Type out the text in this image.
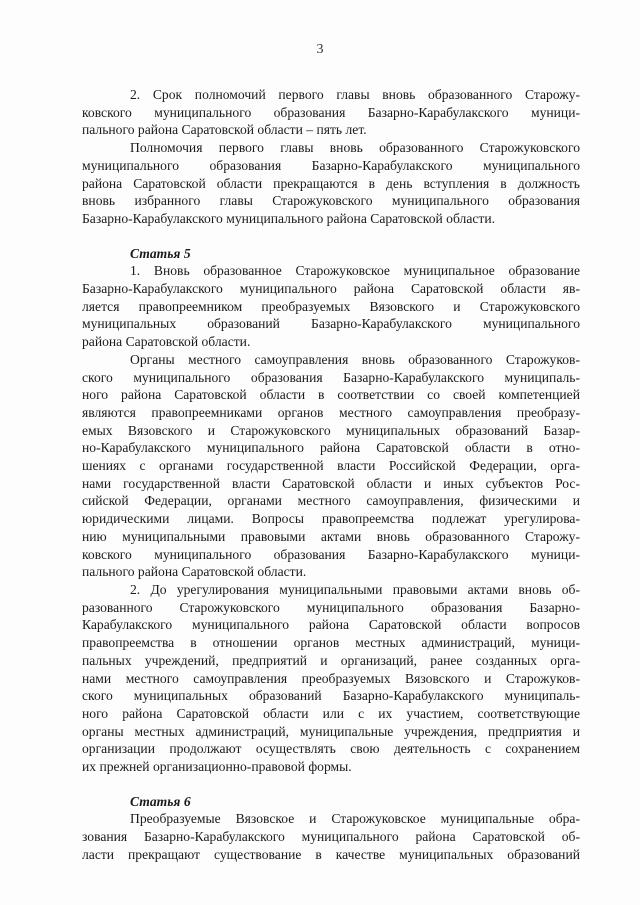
3
2. Срок полномочий первого главы вновь образованного Старожу-
ковского муниципального образования Базарно-Карабулакского муници-
пального района Саратовской области – пять лет.
Полномочия первого главы вновь образованного Старожуковского
муниципального образования Базарно-Карабулакского муниципального
района Саратовской области прекращаются в день вступления в должность
вновь избранного главы Старожуковского муниципального образования
Базарно-Карабулакского муниципального района Саратовской области.
Статья 5
1. Вновь образованное Старожуковское муниципальное образование
Базарно-Карабулакского муниципального района Саратовской области яв-
ляется правопреемником преобразуемых Вязовского и Старожуковского
муниципальных образований Базарно-Карабулакского муниципального
района Саратовской области.
Органы местного самоуправления вновь образованного Старожуков-
ского муниципального образования Базарно-Карабулакского муниципаль-
ного района Саратовской области в соответствии со своей компетенцией
являются правопреемниками органов местного самоуправления преобразу-
емых Вязовского и Старожуковского муниципальных образований Базар-
но-Карабулакского муниципального района Саратовской области в отно-
шениях с органами государственной власти Российской Федерации, орга-
нами государственной власти Саратовской области и иных субъектов Рос-
сийской Федерации, органами местного самоуправления, физическими и
юридическими лицами. Вопросы правопреемства подлежат урегулирова-
нию муниципальными правовыми актами вновь образованного Старожу-
ковского муниципального образования Базарно-Карабулакского муници-
пального района Саратовской области.
2. До урегулирования муниципальными правовыми актами вновь об-
разованного Старожуковского муниципального образования Базарно-
Карабулакского муниципального района Саратовской области вопросов
правопреемства в отношении органов местных администраций, муници-
пальных учреждений, предприятий и организаций, ранее созданных орга-
нами местного самоуправления преобразуемых Вязовского и Старожуков-
ского муниципальных образований Базарно-Карабулакского муниципаль-
ного района Саратовской области или с их участием, соответствующие
органы местных администраций, муниципальные учреждения, предприятия и
организации продолжают осуществлять свою деятельность с сохранением
их прежней организационно-правовой формы.
Статья 6
Преобразуемые Вязовское и Старожуковское муниципальные обра-
зования Базарно-Карабулакского муниципального района Саратовской об-
ласти прекращают существование в качестве муниципальных образований
